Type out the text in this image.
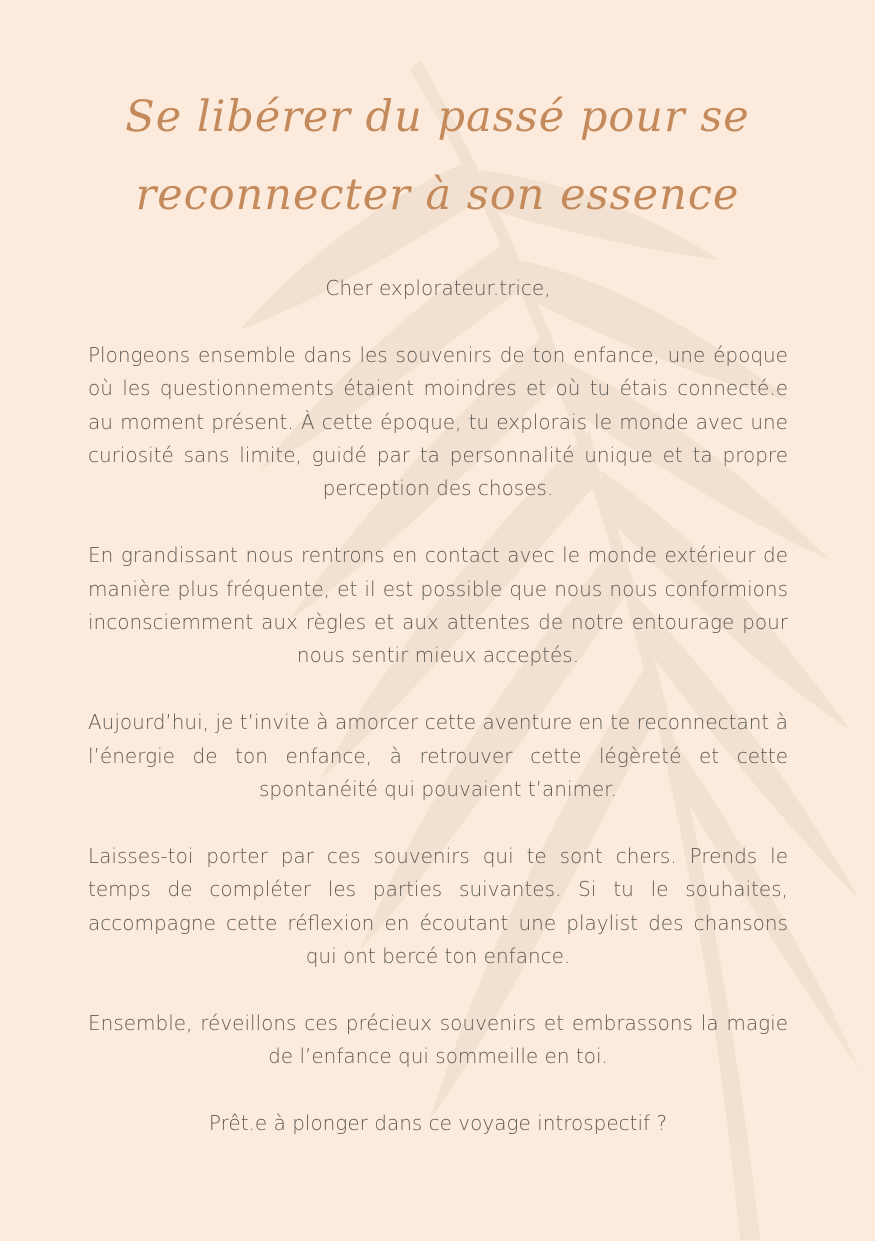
Se libérer du passé pour se
reconnecter à son essence

Cher explorateur.trice,

Plongeons ensemble dans les souvenirs de ton enfance, une époque où les questionnements étaient moindres et où tu étais connecté.e au moment présent. À cette époque, tu explorais le monde avec une curiosité sans limite, guidé par ta personnalité unique et ta propre perception des choses.

En grandissant nous rentrons en contact avec le monde extérieur de manière plus fréquente, et il est possible que nous nous conformions inconsciemment aux règles et aux attentes de notre entourage pour nous sentir mieux acceptés.

Aujourd’hui, je t’invite à amorcer cette aventure en te reconnectant à l’énergie de ton enfance, à retrouver cette légèreté et cette spontanéité qui pouvaient t’animer.

Laisses-toi porter par ces souvenirs qui te sont chers. Prends le temps de compléter les parties suivantes. Si tu le souhaites, accompagne cette réflexion en écoutant une playlist des chansons qui ont bercé ton enfance.

Ensemble, réveillons ces précieux souvenirs et embrassons la magie de l’enfance qui sommeille en toi.

Prêt.e à plonger dans ce voyage introspectif ?
